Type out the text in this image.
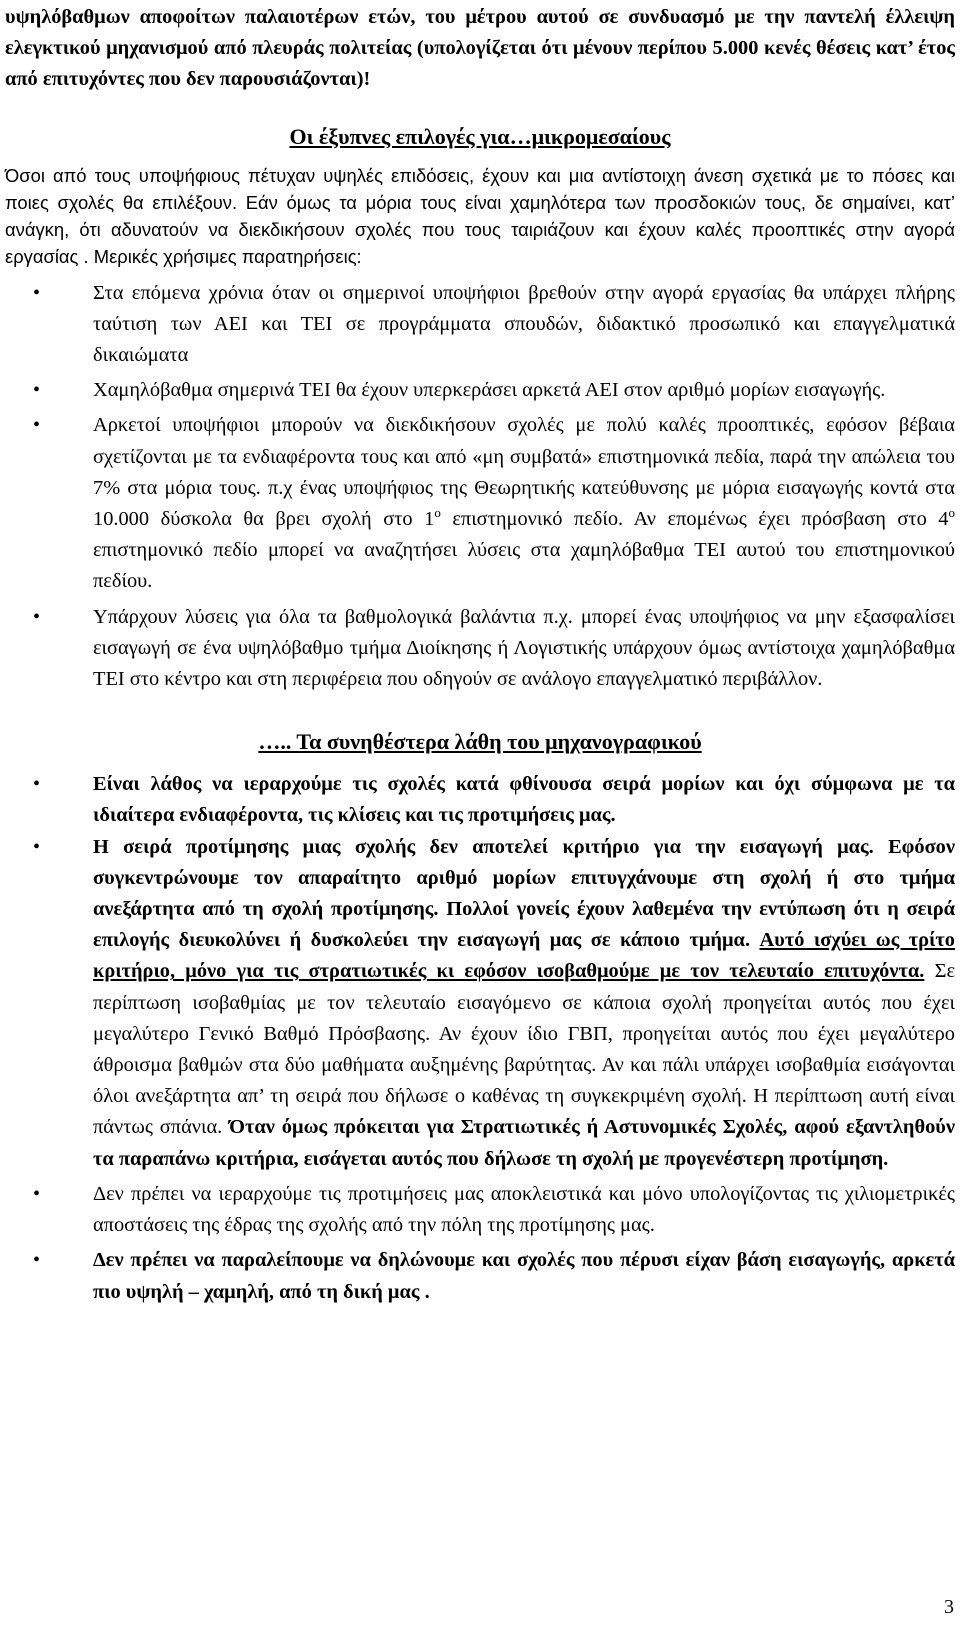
υψηλόβαθμων αποφοίτων παλαιοτέρων ετών, του μέτρου αυτού σε συνδυασμό με την παντελή έλλειψη ελεγκτικού μηχανισμού από πλευράς πολιτείας (υπολογίζεται ότι μένουν περίπου 5.000 κενές θέσεις κατ’ έτος από επιτυχόντες που δεν παρουσιάζονται)!

Οι έξυπνες επιλογές για…μικρομεσαίους

Όσοι από τους υποψήφιους πέτυχαν υψηλές επιδόσεις, έχουν και μια αντίστοιχη άνεση σχετικά με το πόσες και ποιες σχολές θα επιλέξουν. Εάν όμως τα μόρια τους είναι χαμηλότερα των προσδοκιών τους, δε σημαίνει, κατ’ ανάγκη, ότι αδυνατούν να διεκδικήσουν σχολές που τους ταιριάζουν και έχουν καλές προοπτικές στην αγορά εργασίας . Μερικές χρήσιμες παρατηρήσεις:

• Στα επόμενα χρόνια όταν οι σημερινοί υποψήφιοι βρεθούν στην αγορά εργασίας θα υπάρχει πλήρης ταύτιση των ΑΕΙ και ΤΕΙ σε προγράμματα σπουδών, διδακτικό προσωπικό και επαγγελματικά δικαιώματα
• Χαμηλόβαθμα σημερινά ΤΕΙ θα έχουν υπερκεράσει αρκετά ΑΕΙ στον αριθμό μορίων εισαγωγής.
• Αρκετοί υποψήφιοι μπορούν να διεκδικήσουν σχολές με πολύ καλές προοπτικές, εφόσον βέβαια σχετίζονται με τα ενδιαφέροντα τους και από «μη συμβατά» επιστημονικά πεδία, παρά την απώλεια του 7% στα μόρια τους. π.χ ένας υποψήφιος της Θεωρητικής κατεύθυνσης με μόρια εισαγωγής κοντά στα 10.000 δύσκολα θα βρει σχολή στο $1^o$ επιστημονικό πεδίο. Αν επομένως έχει πρόσβαση στο $4^o$ επιστημονικό πεδίο μπορεί να αναζητήσει λύσεις στα χαμηλόβαθμα ΤΕΙ αυτού του επιστημονικού πεδίου.
• Υπάρχουν λύσεις για όλα τα βαθμολογικά βαλάντια π.χ. μπορεί ένας υποψήφιος να μην εξασφαλίσει εισαγωγή σε ένα υψηλόβαθμο τμήμα Διοίκησης ή Λογιστικής υπάρχουν όμως αντίστοιχα χαμηλόβαθμα ΤΕΙ στο κέντρο και στη περιφέρεια που οδηγούν σε ανάλογο επαγγελματικό περιβάλλον.
….. Τα συνηθέστερα λάθη του μηχανογραφικού
• Είναι λάθος να ιεραρχούμε τις σχολές κατά φθίνουσα σειρά μορίων και όχι σύμφωνα με τα ιδιαίτερα ενδιαφέροντα, τις κλίσεις και τις προτιμήσεις μας.
• Η σειρά προτίμησης μιας σχολής δεν αποτελεί κριτήριο για την εισαγωγή μας. Εφόσον συγκεντρώνουμε τον απαραίτητο αριθμό μορίων επιτυγχάνουμε στη σχολή ή στο τμήμα ανεξάρτητα από τη σχολή προτίμησης. Πολλοί γονείς έχουν λαθεμένα την εντύπωση ότι η σειρά επιλογής διευκολύνει ή δυσκολεύει την εισαγωγή μας σε κάποιο τμήμα. Αυτό ισχύει ως τρίτο κριτήριο, μόνο για τις στρατιωτικές κι εφόσον ισοβαθμούμε με τον τελευταίο επιτυχόντα. Σε περίπτωση ισοβαθμίας με τον τελευταίο εισαγόμενο σε κάποια σχολή προηγείται αυτός που έχει μεγαλύτερο Γενικό Βαθμό Πρόσβασης. Αν έχουν ίδιο ΓΒΠ, προηγείται αυτός που έχει μεγαλύτερο άθροισμα βαθμών στα δύο μαθήματα αυξημένης βαρύτητας. Αν και πάλι υπάρχει ισοβαθμία εισάγονται όλοι ανεξάρτητα απ’ τη σειρά που δήλωσε ο καθένας τη συγκεκριμένη σχολή. Η περίπτωση αυτή είναι πάντως σπάνια. Όταν όμως πρόκειται για Στρατιωτικές ή Αστυνομικές Σχολές, αφού εξαντληθούν τα παραπάνω κριτήρια, εισάγεται αυτός που δήλωσε τη σχολή με προγενέστερη προτίμηση.
• Δεν πρέπει να ιεραρχούμε τις προτιμήσεις μας αποκλειστικά και μόνο υπολογίζοντας τις χιλιομετρικές αποστάσεις της έδρας της σχολής από την πόλη της προτίμησης μας.
• Δεν πρέπει να παραλείπουμε να δηλώνουμε και σχολές που πέρυσι είχαν βάση εισαγωγής, αρκετά πιο υψηλή – χαμηλή, από τη δική μας .
3
